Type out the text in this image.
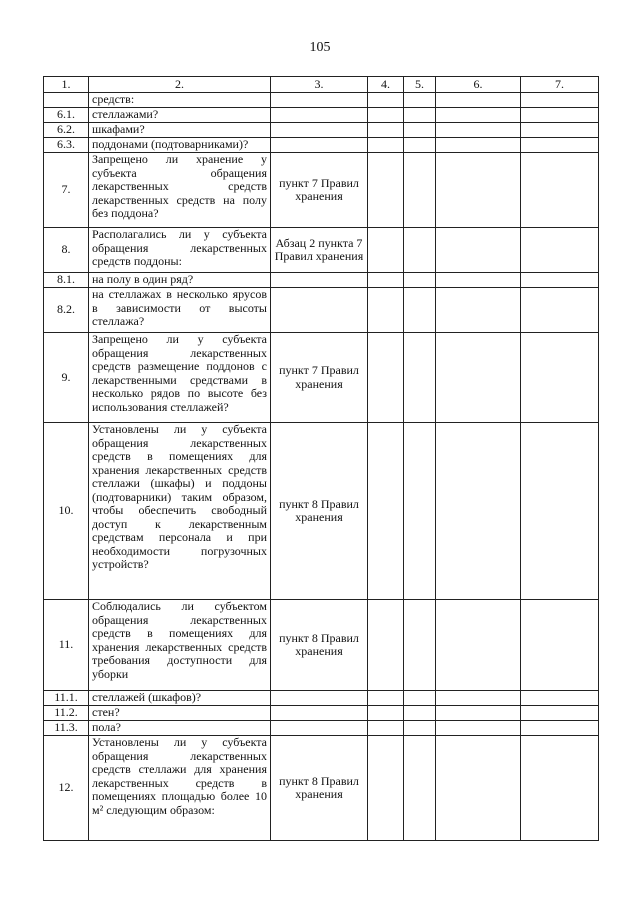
105
1.	2.	3.	4.	5.	6.	7.
	средств:					
6.1.	стеллажами?					
6.2.	шкафами?					
6.3.	поддонами (подтоварниками)?					
7.	Запрещено ли хранение у субъекта обращения лекарственных средств лекарственных средств на полу без поддона?	пункт 7 Правил хранения				
8.	Располагались ли у субъекта обращения лекарственных средств поддоны:	Абзац 2 пункта 7 Правил хранения				
8.1.	на полу в один ряд?					
8.2.	на стеллажах в несколько ярусов в зависимости от высоты стеллажа?					
9.	Запрещено ли у субъекта обращения лекарственных средств размещение поддонов с лекарственными средствами в несколько рядов по высоте без использования стеллажей?	пункт 7 Правил хранения				
10.	Установлены ли у субъекта обращения лекарственных средств в помещениях для хранения лекарственных средств стеллажи (шкафы) и поддоны (подтоварники) таким образом, чтобы обеспечить свободный доступ к лекарственным средствам персонала и при необходимости погрузочных устройств?	пункт 8 Правил хранения				
11.	Соблюдались ли субъектом обращения лекарственных средств в помещениях для хранения лекарственных средств требования доступности для уборки	пункт 8 Правил хранения				
11.1.	стеллажей (шкафов)?					
11.2.	стен?					
11.3.	пола?					
12.	Установлены ли у субъекта обращения лекарственных средств стеллажи для хранения лекарственных средств в помещениях площадью более 10 м² следующим образом:	пункт 8 Правил хранения				
